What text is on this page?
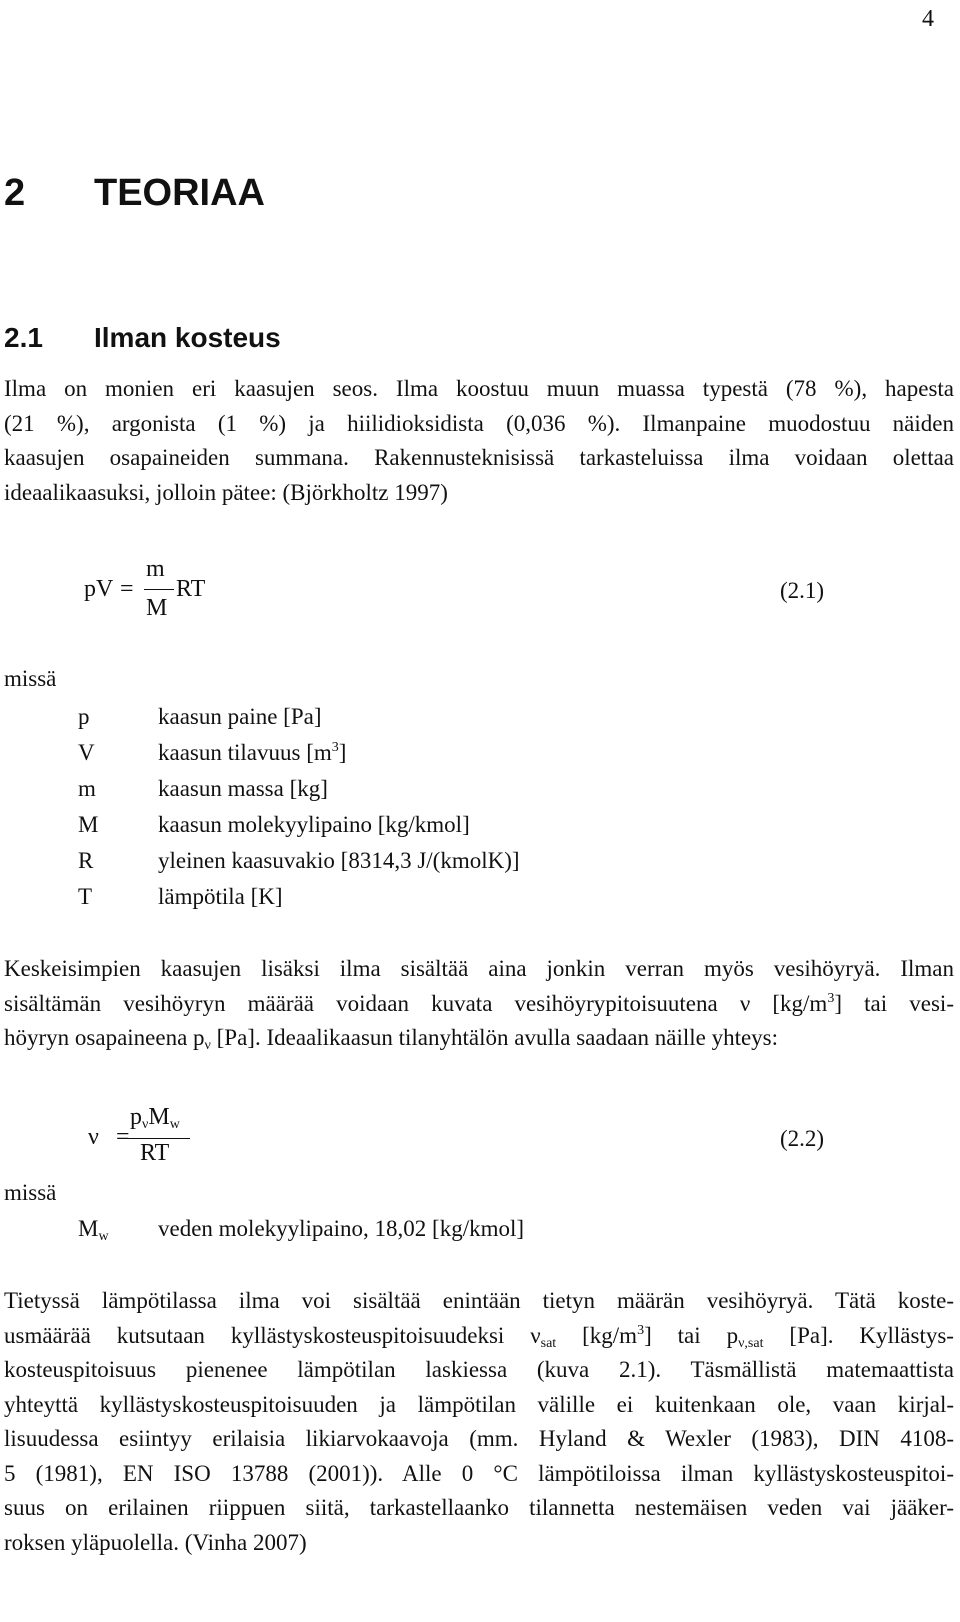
4
2 TEORIAA
2.1 Ilman kosteus
Ilma on monien eri kaasujen seos. Ilma koostuu muun muassa typestä (78 %), hapesta
(21 %), argonista (1 %) ja hiilidioksidista (0,036 %). Ilmanpaine muodostuu näiden
kaasujen osapaineiden summana. Rakennusteknisissä tarkasteluissa ilma voidaan olettaa
ideaalikaasuksi, jolloin pätee: (Björkholtz 1997)
pV =
m
M
RT	(2.1)
missä
p	kaasun paine [Pa]
V	kaasun tilavuus $[m^3]$
m	kaasun massa [kg]
M	kaasun molekyylipaino [kg/kmol]
R	yleinen kaasuvakio [8314,3 J/(kmolK)]
T	lämpötila [K]
Keskeisimpien kaasujen lisäksi ilma sisältää aina jonkin verran myös vesihöyryä. Ilman
sisältämän vesihöyryn määrää voidaan kuvata vesihöyrypitoisuutena ν $[kg/m^3]$ tai vesi-
höyryn osapaineena $p_\nu$ [Pa]. Ideaalikaasun tilanyhtälön avulla saadaan näille yhteys:
ν =
$p_\nu M_w$
RT
(2.2)
missä
$M_w$ veden molekyylipaino, 18,02 [kg/kmol]
Tietyssä lämpötilassa ilma voi sisältää enintään tietyn määrän vesihöyryä. Tätä koste-
usmäärää kutsutaan kyllästyskosteuspitoisuudeksi $\nu_{sat}$ $[kg/m^3]$ tai $p_{\nu,sat}$ [Pa]. Kyllästys-
kosteuspitoisuus pienenee lämpötilan laskiessa (kuva 2.1). Täsmällistä matemaattista
yhteyttä kyllästyskosteuspitoisuuden ja lämpötilan välille ei kuitenkaan ole, vaan kirjal-
lisuudessa esiintyy erilaisia likiarvokaavoja (mm. Hyland & Wexler (1983), DIN 4108-
5 (1981), EN ISO 13788 (2001)). Alle 0 °C lämpötiloissa ilman kyllästyskosteuspitoi-
suus on erilainen riippuen siitä, tarkastellaanko tilannetta nestemäisen veden vai jääker-
roksen yläpuolella. (Vinha 2007)
